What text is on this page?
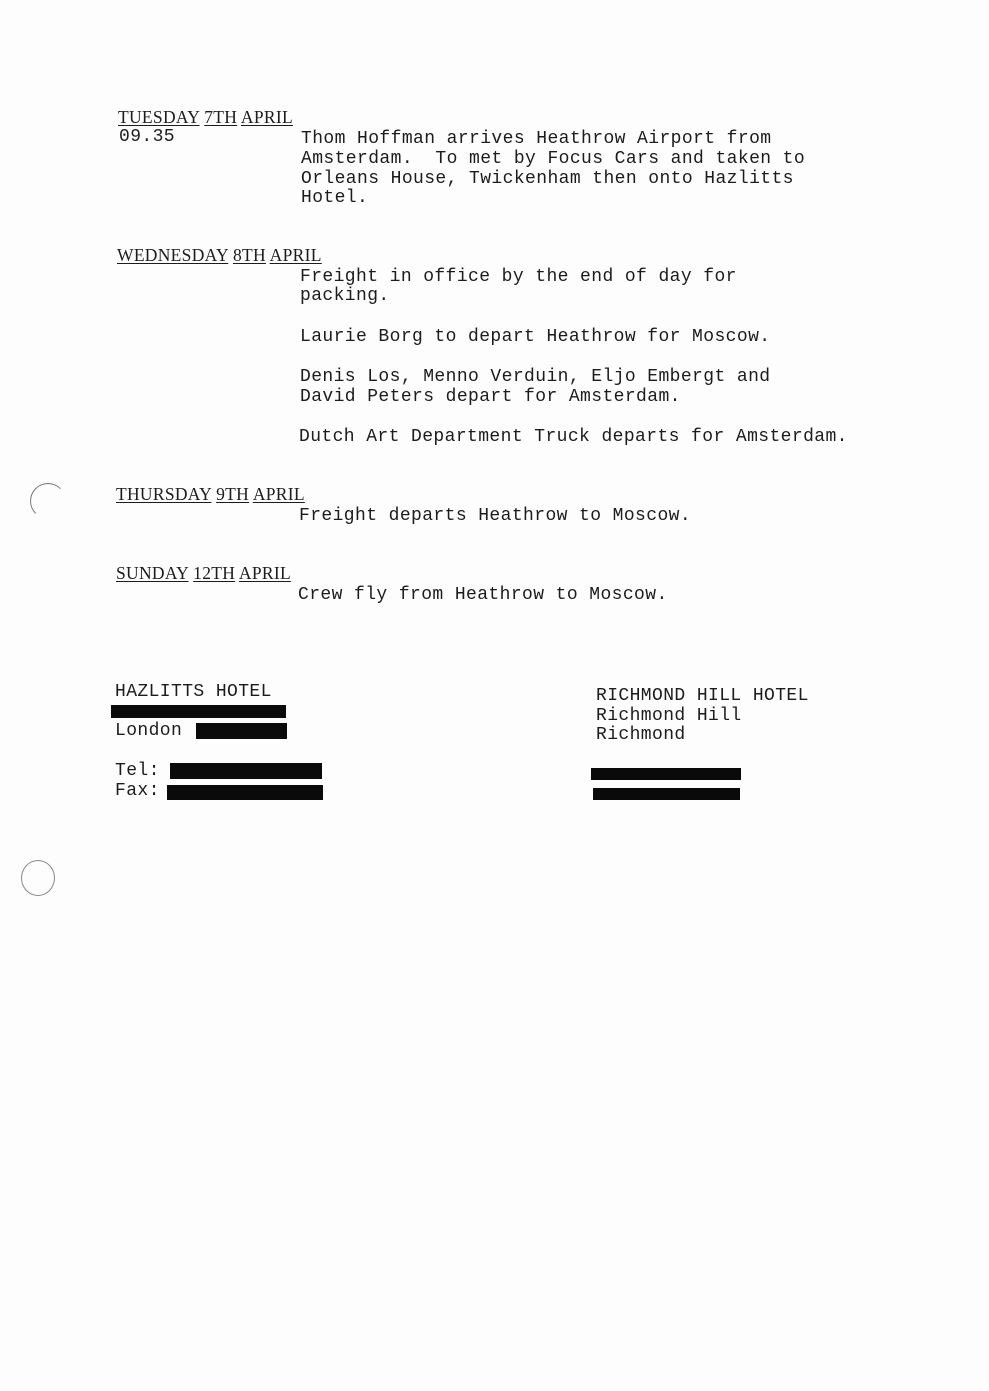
TUESDAY 7TH APRIL
09.35	Thom Hoffman arrives Heathrow Airport from
Amsterdam.  To met by Focus Cars and taken to
Orleans House, Twickenham then onto Hazlitts
Hotel.
WEDNESDAY 8TH APRIL
Freight in office by the end of day for
packing.
Laurie Borg to depart Heathrow for Moscow.
Denis Los, Menno Verduin, Eljo Embergt and
David Peters depart for Amsterdam.
Dutch Art Department Truck departs for Amsterdam.
THURSDAY 9TH APRIL
Freight departs Heathrow to Moscow.
SUNDAY 12TH APRIL
Crew fly from Heathrow to Moscow.
HAZLITTS HOTEL
London
Tel:
Fax:
RICHMOND HILL HOTEL
Richmond Hill
Richmond
